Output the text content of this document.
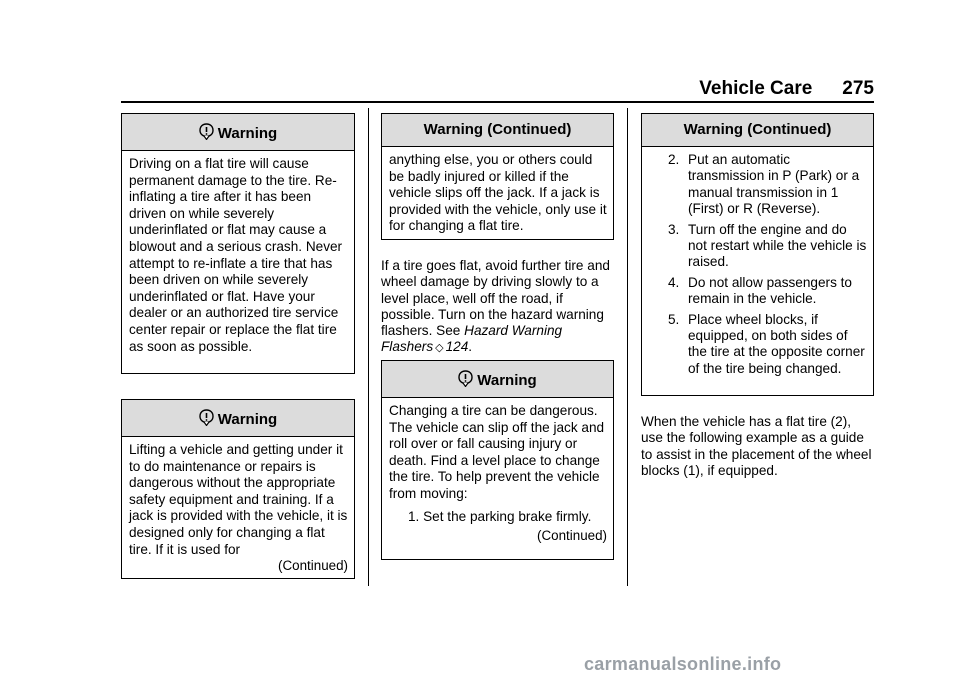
Vehicle Care 275
Warning

Driving on a flat tire will cause permanent damage to the tire. Re-inflating a tire after it has been driven on while severely underinflated or flat may cause a blowout and a serious crash. Never attempt to re-inflate a tire that has been driven on while severely underinflated or flat. Have your dealer or an authorized tire service center repair or replace the flat tire as soon as possible.

Warning

Lifting a vehicle and getting under it to do maintenance or repairs is dangerous without the appropriate safety equipment and training. If a jack is provided with the vehicle, it is designed only for changing a flat tire. If it is used for

(Continued)
Warning (Continued)

anything else, you or others could be badly injured or killed if the vehicle slips off the jack. If a jack is provided with the vehicle, only use it for changing a flat tire.

If a tire goes flat, avoid further tire and wheel damage by driving slowly to a level place, well off the road, if possible. Turn on the hazard warning flashers. See Hazard Warning Flashers ◇ 124.
Warning

Changing a tire can be dangerous. The vehicle can slip off the jack and roll over or fall causing injury or death. Find a level place to change the tire. To help prevent the vehicle from moving:

1. Set the parking brake firmly.

(Continued)
Warning (Continued)
2. Put an automatic transmission in P (Park) or a manual transmission in 1 (First) or R (Reverse).
3. Turn off the engine and do not restart while the vehicle is raised.
4. Do not allow passengers to remain in the vehicle.
5. Place wheel blocks, if equipped, on both sides of the tire at the opposite corner of the tire being changed.
When the vehicle has a flat tire (2), use the following example as a guide to assist in the placement of the wheel blocks (1), if equipped.
carmanualsonline.info
